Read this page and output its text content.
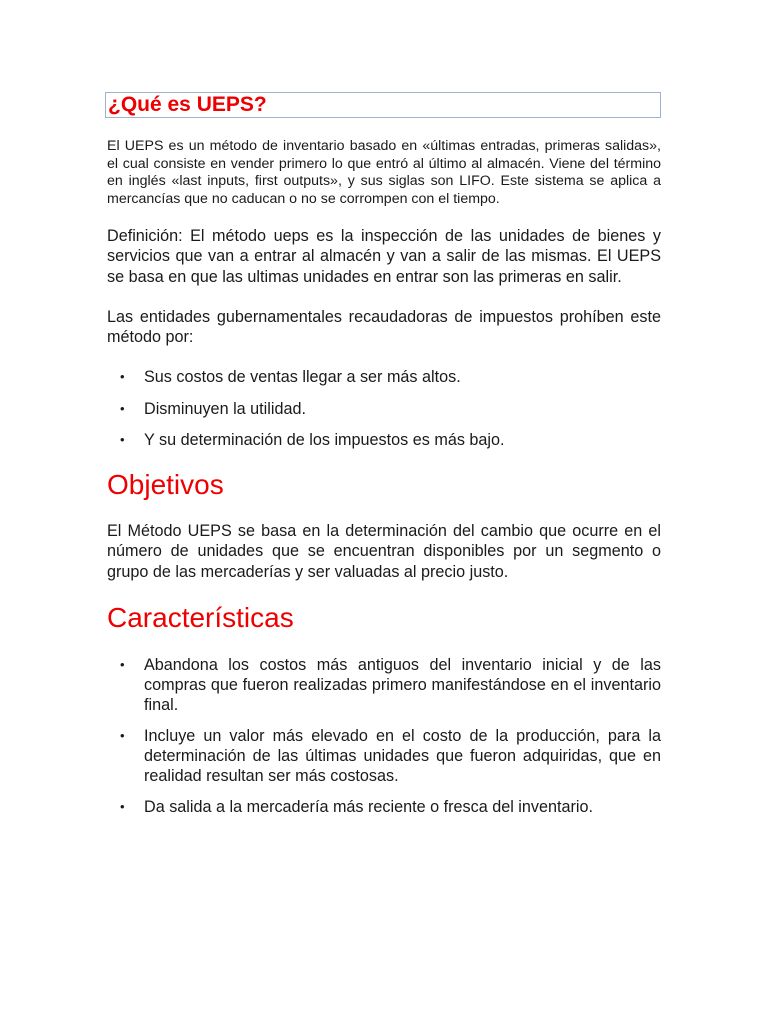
¿Qué es UEPS?

El UEPS es un método de inventario basado en «últimas entradas, primeras salidas», el cual consiste en vender primero lo que entró al último al almacén. Viene del término en inglés «last inputs, first outputs», y sus siglas son LIFO. Este sistema se aplica a mercancías que no caducan o no se corrompen con el tiempo.

Definición: El método ueps es la inspección de las unidades de bienes y servicios que van a entrar al almacén y van a salir de las mismas. El UEPS se basa en que las ultimas unidades en entrar son las primeras en salir.

Las entidades gubernamentales recaudadoras de impuestos prohíben este método por:

• Sus costos de ventas llegar a ser más altos.
• Disminuyen la utilidad.
• Y su determinación de los impuestos es más bajo.
Objetivos

El Método UEPS se basa en la determinación del cambio que ocurre en el número de unidades que se encuentran disponibles por un segmento o grupo de las mercaderías y ser valuadas al precio justo.

Características
• Abandona los costos más antiguos del inventario inicial y de las compras que fueron realizadas primero manifestándose en el inventario final.
• Incluye un valor más elevado en el costo de la producción, para la determinación de las últimas unidades que fueron adquiridas, que en realidad resultan ser más costosas.
• Da salida a la mercadería más reciente o fresca del inventario.
